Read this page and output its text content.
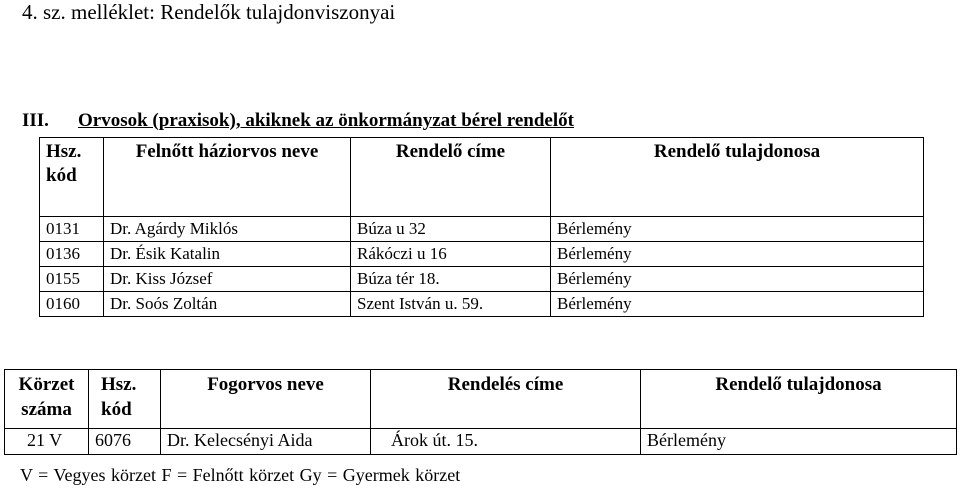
4. sz. melléklet: Rendelők tulajdonviszonyai
III. Orvosok (praxisok), akiknek az önkormányzat bérel rendelőt
Hsz. kód	Felnőtt háziorvos neve	Rendelő címe	Rendelő tulajdonosa
0131	Dr. Agárdy Miklós	Búza u 32	Bérlemény
0136	Dr. Ésik Katalin	Rákóczi u 16	Bérlemény
0155	Dr. Kiss József	Búza tér 18.	Bérlemény
0160	Dr. Soós Zoltán	Szent István u. 59.	Bérlemény
Körzet száma	Hsz. kód	Fogorvos neve	Rendelés címe	Rendelő tulajdonosa
21 V	6076	Dr. Kelecsényi Aida	Árok út. 15.	Bérlemény
V = Vegyes körzet F = Felnőtt körzet Gy = Gyermek körzet
